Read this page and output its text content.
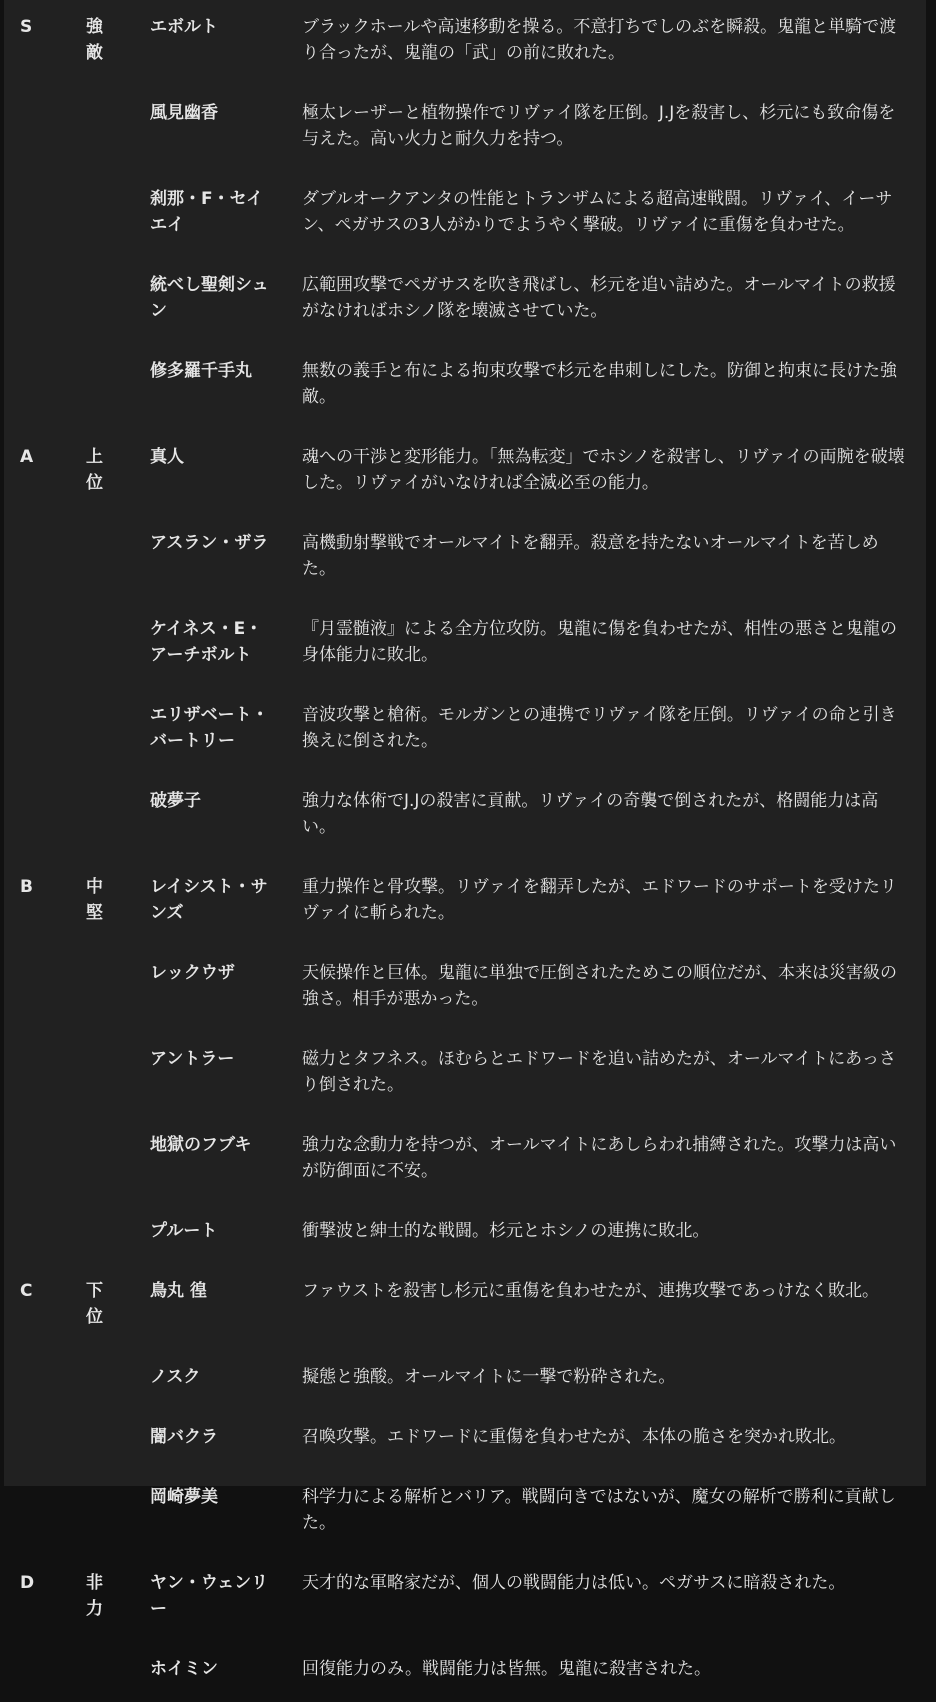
S	強敵	エボルト	ブラックホールや高速移動を操る。不意打ちでしのぶを瞬殺。鬼龍と単騎で渡り合ったが、鬼龍の「武」の前に敗れた。
		風見幽香	極太レーザーと植物操作でリヴァイ隊を圧倒。J.Jを殺害し、杉元にも致命傷を与えた。高い火力と耐久力を持つ。
		刹那・F・セイエイ	ダブルオークアンタの性能とトランザムによる超高速戦闘。リヴァイ、イーサン、ペガサスの3人がかりでようやく撃破。リヴァイに重傷を負わせた。
		統べし聖剣シュン	広範囲攻撃でペガサスを吹き飛ばし、杉元を追い詰めた。オールマイトの救援がなければホシノ隊を壊滅させていた。
		修多羅千手丸	無数の義手と布による拘束攻撃で杉元を串刺しにした。防御と拘束に長けた強敵。
A	上位	真人	魂への干渉と変形能力。「無為転変」でホシノを殺害し、リヴァイの両腕を破壊した。リヴァイがいなければ全滅必至の能力。
		アスラン・ザラ	高機動射撃戦でオールマイトを翻弄。殺意を持たないオールマイトを苦しめた。
		ケイネス・E・アーチボルト	『月霊髄液』による全方位攻防。鬼龍に傷を負わせたが、相性の悪さと鬼龍の身体能力に敗北。
		エリザベート・バートリー	音波攻撃と槍術。モルガンとの連携でリヴァイ隊を圧倒。リヴァイの命と引き換えに倒された。
		破夢子	強力な体術でJ.Jの殺害に貢献。リヴァイの奇襲で倒されたが、格闘能力は高い。
B	中堅	レイシスト・サンズ	重力操作と骨攻撃。リヴァイを翻弄したが、エドワードのサポートを受けたリヴァイに斬られた。
		レックウザ	天候操作と巨体。鬼龍に単独で圧倒されたためこの順位だが、本来は災害級の強さ。相手が悪かった。
		アントラー	磁力とタフネス。ほむらとエドワードを追い詰めたが、オールマイトにあっさり倒された。
		地獄のフブキ	強力な念動力を持つが、オールマイトにあしらわれ捕縛された。攻撃力は高いが防御面に不安。
		プルート	衝撃波と紳士的な戦闘。杉元とホシノの連携に敗北。
C	下位	鳥丸 徨	ファウストを殺害し杉元に重傷を負わせたが、連携攻撃であっけなく敗北。
		ノスク	擬態と強酸。オールマイトに一撃で粉砕された。
		闇バクラ	召喚攻撃。エドワードに重傷を負わせたが、本体の脆さを突かれ敗北。
		岡崎夢美	科学力による解析とバリア。戦闘向きではないが、魔女の解析で勝利に貢献した。
D	非力	ヤン・ウェンリー	天才的な軍略家だが、個人の戦闘能力は低い。ペガサスに暗殺された。
		ホイミン	回復能力のみ。戦闘能力は皆無。鬼龍に殺害された。
